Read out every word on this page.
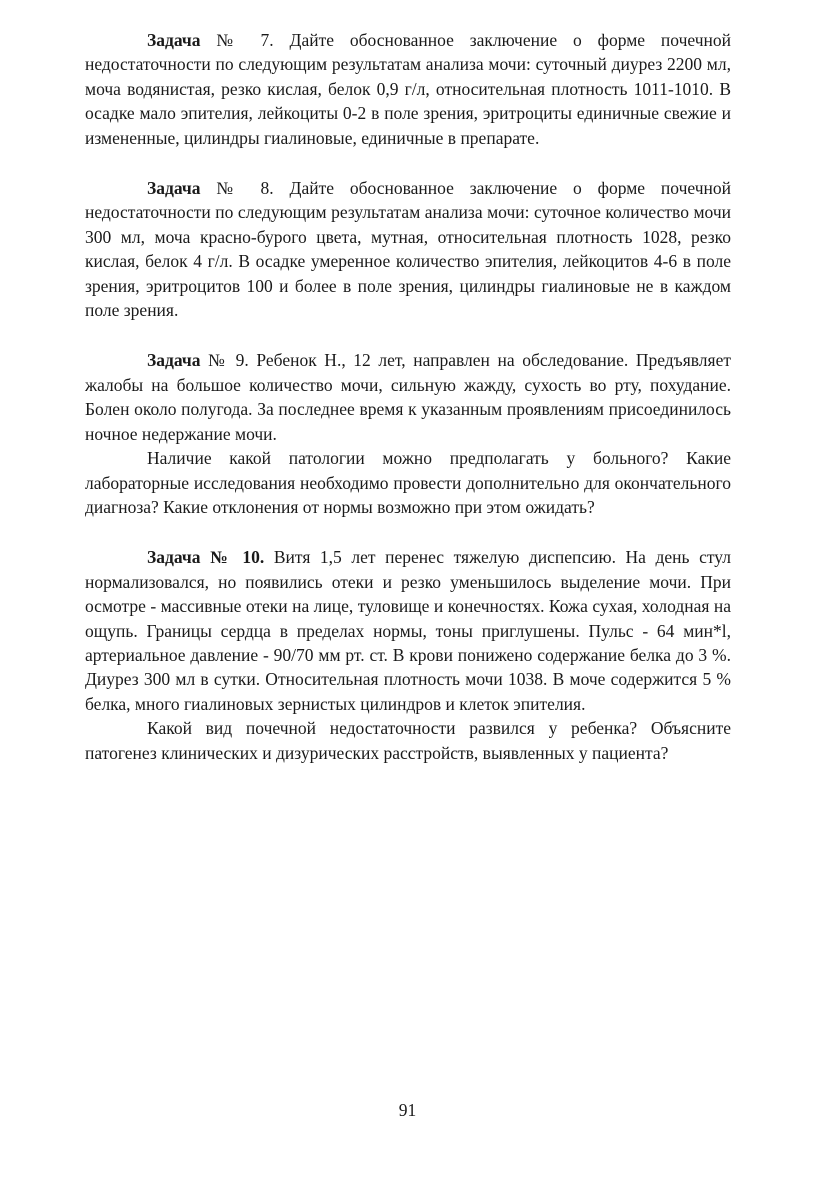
Задача № 7. Дайте обоснованное заключение о форме почечной недостаточности по следующим результатам анализа мочи: суточный диурез 2200 мл, моча водянистая, резко кислая, белок 0,9 г/л, относительная плотность 1011-1010. В осадке мало эпителия, лейкоциты 0-2 в поле зрения, эритроциты единичные свежие и измененные, цилиндры гиалиновые, единичные в препарате.

Задача № 8. Дайте обоснованное заключение о форме почечной недостаточности по следующим результатам анализа мочи: суточное количество мочи 300 мл, моча красно-бурого цвета, мутная, относительная плотность 1028, резко кислая, белок 4 г/л. В осадке умеренное количество эпителия, лейкоцитов 4-6 в поле зрения, эритроцитов 100 и более в поле зрения, цилиндры гиалиновые не в каждом поле зрения.

Задача № 9. Ребенок Н., 12 лет, направлен на обследование. Предъявляет жалобы на большое количество мочи, сильную жажду, сухость во рту, похудание. Болен около полугода. За последнее время к указанным проявлениям присоединилось ночное недержание мочи.

Наличие какой патологии можно предполагать у больного? Какие лабораторные исследования необходимо провести дополнительно для окончательного диагноза? Какие отклонения от нормы возможно при этом ожидать?

Задача № 10. Витя 1,5 лет перенес тяжелую диспепсию. На день стул нормализовался, но появились отеки и резко уменьшилось выделение мочи. При осмотре - массивные отеки на лице, туловище и конечностях. Кожа сухая, холодная на ощупь. Границы сердца в пределах нормы, тоны приглушены. Пульс - 64 мин*l, артериальное давление - 90/70 мм рт. ст. В крови понижено содержание белка до 3 %. Диурез 300 мл в сутки. Относительная плотность мочи 1038. В моче содержится 5 % белка, много гиалиновых зернистых цилиндров и клеток эпителия.

Какой вид почечной недостаточности развился у ребенка? Объясните патогенез клинических и дизурических расстройств, выявленных у пациента?

91
